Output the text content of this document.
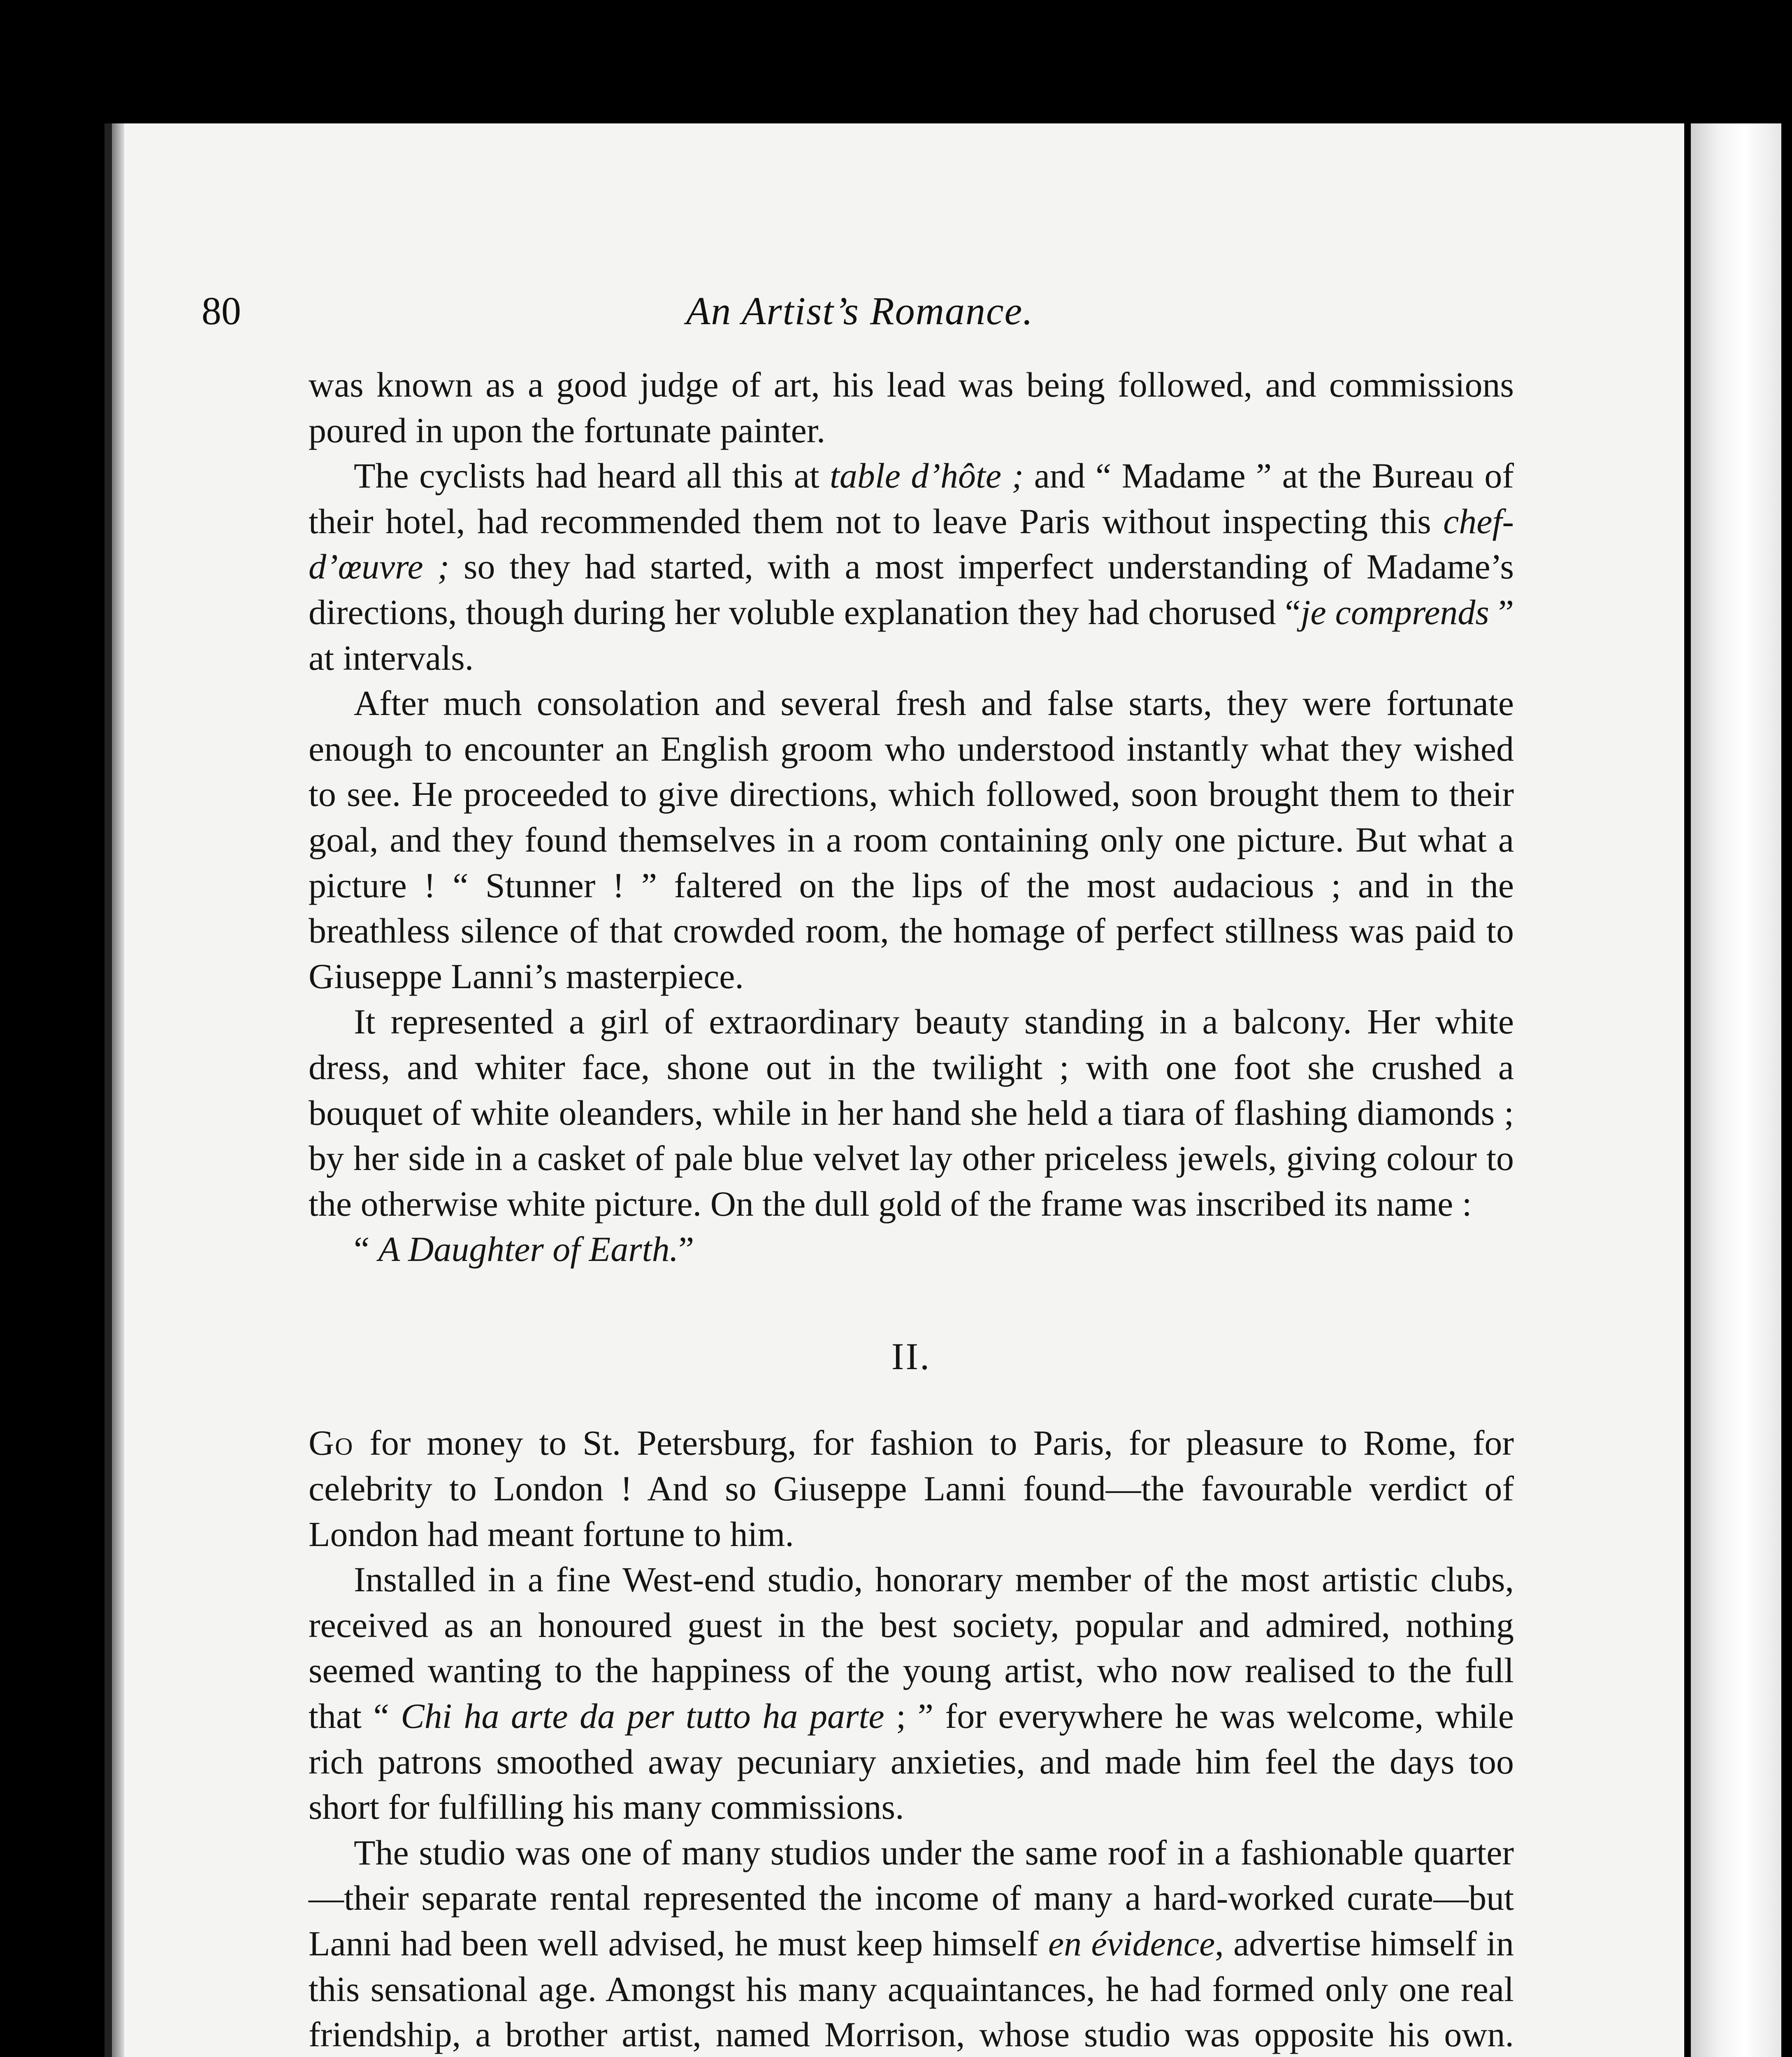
80	An Artist’s Romance.

was known as a good judge of art, his lead was being followed, and commissions poured in upon the fortunate painter.

The cyclists had heard all this at table d’hôte ; and “ Madame ” at the Bureau of their hotel, had recommended them not to leave Paris without inspecting this chef-d’œuvre ; so they had started, with a most imperfect understanding of Madame’s directions, though during her voluble explanation they had chorused “je comprends ” at intervals.

After much consolation and several fresh and false starts, they were fortunate enough to encounter an English groom who understood instantly what they wished to see. He proceeded to give directions, which followed, soon brought them to their goal, and they found themselves in a room containing only one picture. But what a picture ! “ Stunner ! ” faltered on the lips of the most audacious ; and in the breathless silence of that crowded room, the homage of perfect stillness was paid to Giuseppe Lanni’s masterpiece.

It represented a girl of extraordinary beauty standing in a balcony. Her white dress, and whiter face, shone out in the twilight ; with one foot she crushed a bouquet of white oleanders, while in her hand she held a tiara of flashing diamonds ; by her side in a casket of pale blue velvet lay other priceless jewels, giving colour to the otherwise white picture. On the dull gold of the frame was inscribed its name :

“ A Daughter of Earth.”

II.

Go for money to St. Petersburg, for fashion to Paris, for pleasure to Rome, for celebrity to London ! And so Giuseppe Lanni found—the favourable verdict of London had meant fortune to him.

Installed in a fine West-end studio, honorary member of the most artistic clubs, received as an honoured guest in the best society, popular and admired, nothing seemed wanting to the happiness of the young artist, who now realised to the full that “ Chi ha arte da per tutto ha parte ; ” for everywhere he was welcome, while rich patrons smoothed away pecuniary anxieties, and made him feel the days too short for fulfilling his many commissions.

The studio was one of many studios under the same roof in a fashionable quarter—their separate rental represented the income of many a hard-worked curate—but Lanni had been well advised, he must keep himself en évidence, advertise himself in this sensational age. Amongst his many acquaintances, he had formed only one real friendship, a brother artist, named Morrison, whose studio was opposite his own.
